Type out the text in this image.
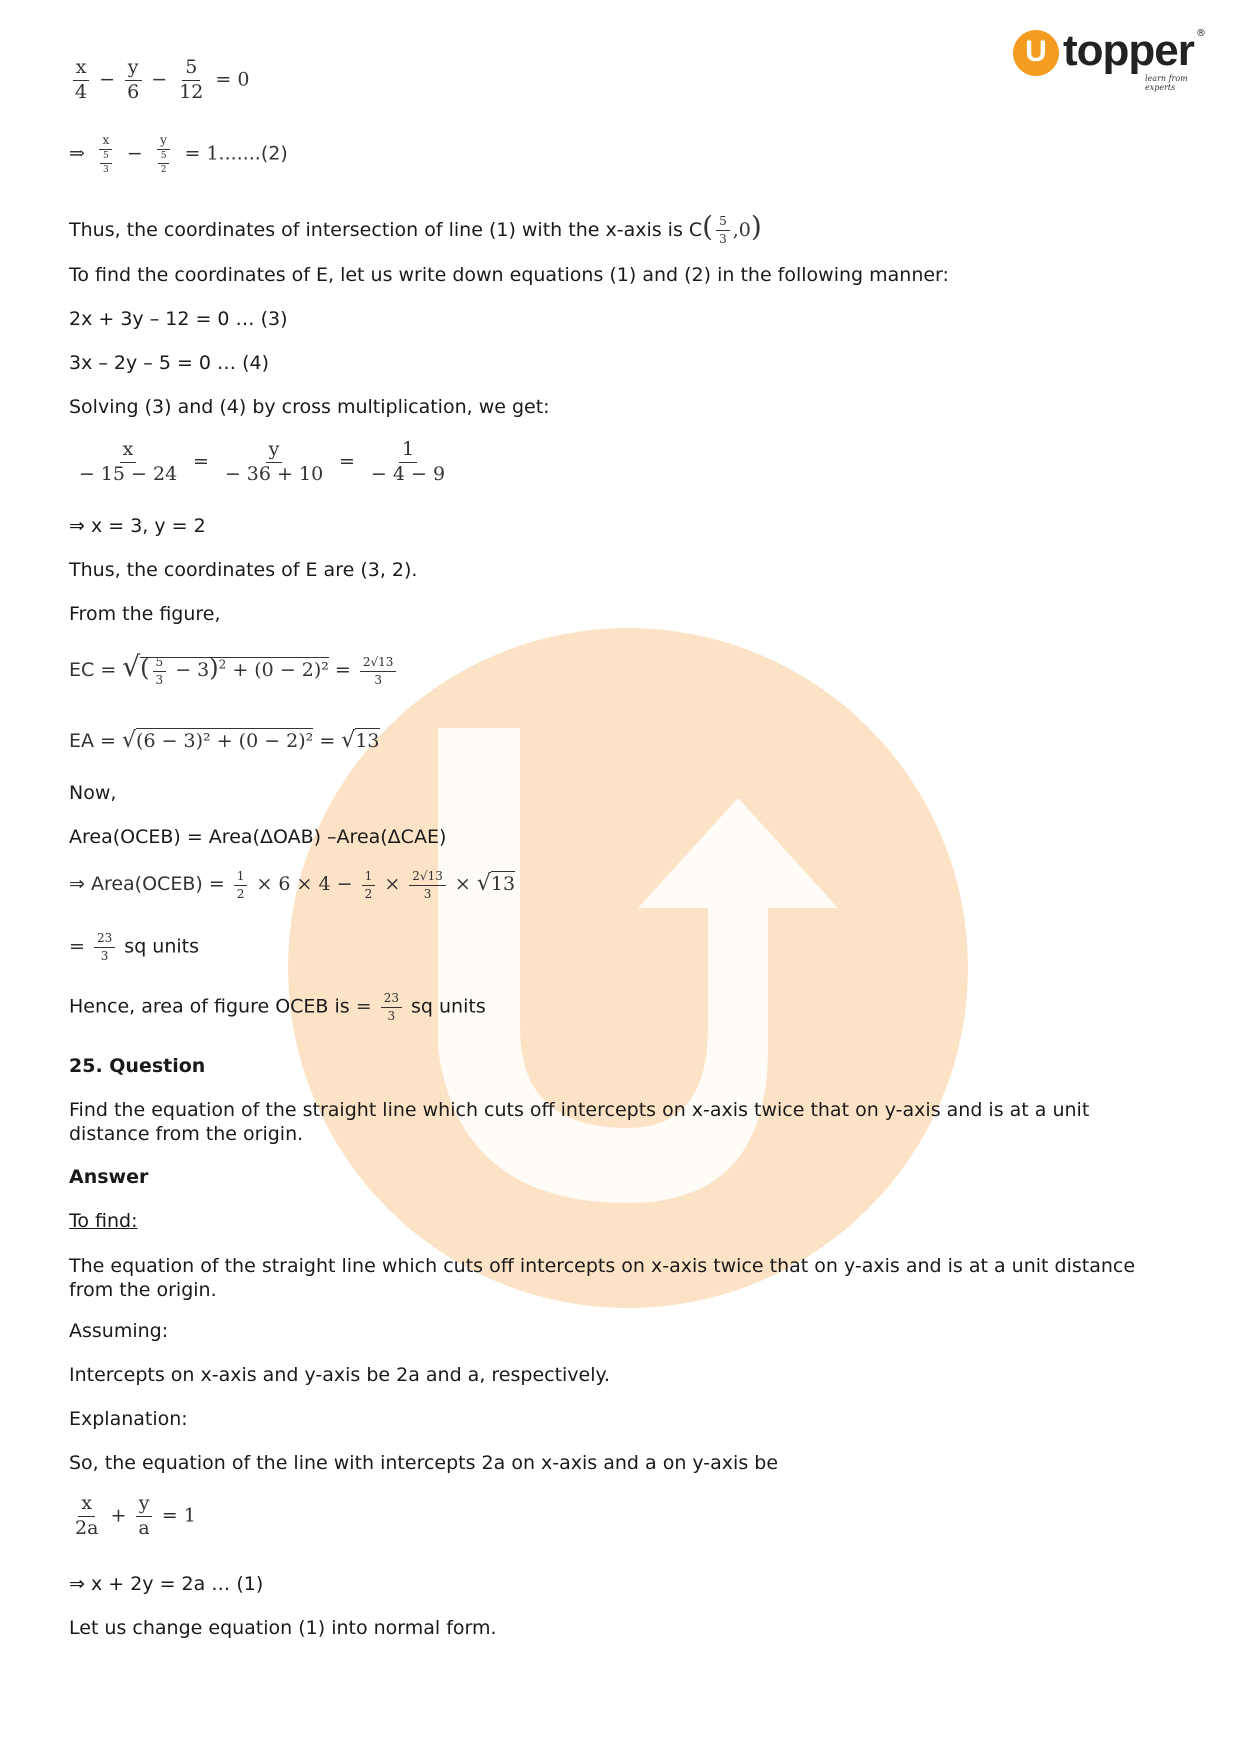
U topper ®
learn from experts
$\frac{x}{4} - \frac{y}{6} - \frac{5}{12} = 0$
⇒ $\frac{x}{\frac{5}{3}} - \frac{y}{\frac{5}{2}} = 1.......(2)$
Thus, the coordinates of intersection of line (1) with the x-axis is $C( \frac{5}{3} ,0)$
To find the coordinates of E, let us write down equations (1) and (2) in the following manner:
2x + 3y – 12 = 0 … (3)
3x – 2y – 5 = 0 … (4)
Solving (3) and (4) by cross multiplication, we get:
$\frac{x}{- 15 - 24} = \frac{y}{- 36 + 10} = \frac{1}{- 4 - 9}$
⇒ x = 3, y = 2
Thus, the coordinates of E are (3, 2).
From the figure,
EC = √( $\frac{5}{3} - 3)^2 + (0 - 2)^2 = \frac{2√13}{3}$
EA = √(6 − 3)² + (0 − 2)² = √13
Now,
Area(OCEB) = Area(ΔOAB) –Area(ΔCAE)
⇒ Area(OCEB) = $\frac{1}{2} \times 6 \times 4 - \frac{1}{2} \times \frac{2√13}{3} \times √13$
= $\frac{23}{3}$ sq units
Hence, area of figure OCEB is = $\frac{23}{3}$ sq units
25. Question
Find the equation of the straight line which cuts off intercepts on x-axis twice that on y-axis and is at a unit distance from the origin.
Answer
To find:
The equation of the straight line which cuts off intercepts on x-axis twice that on y-axis and is at a unit distance from the origin.
Assuming:
Intercepts on x-axis and y-axis be 2a and a, respectively.
Explanation:
So, the equation of the line with intercepts 2a on x-axis and a on y-axis be
$\frac{x}{2a} + \frac{y}{a} = 1$
⇒ x + 2y = 2a … (1)
Let us change equation (1) into normal form.
